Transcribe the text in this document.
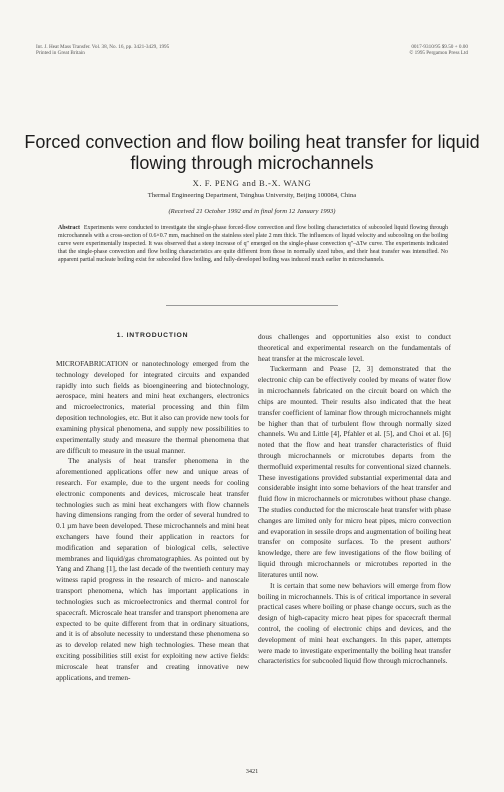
Int. J. Heat Mass Transfer. Vol. 38, No. 16, pp. 3421-3429, 1995
Printed in Great Britain
0017-9310/95 $9.50 + 0.00
© 1995 Pergamon Press Ltd
Forced convection and flow boiling heat transfer for liquid flowing through microchannels
X. F. PENG and B.-X. WANG
Thermal Engineering Department, Tsinghua University, Beijing 100084, China
(Received 21 October 1992 and in final form 12 January 1993)

Abstract Experiments were conducted to investigate the single-phase forced-flow convection and flow boiling characteristics of subcooled liquid flowing through microchannels with a cross-section of 0.6×0.7 mm, machined on the stainless steel plate 2 mm thick. The influences of liquid velocity and subcooling on the boiling curve were experimentally inspected. It was observed that a steep increase of q″ emerged on the single-phase convection q″–ΔTw curve. The experiments indicated that the single-phase convection and flow boiling characteristics are quite different from those in normally sized tubes, and their heat transfer was intensified. No apparent partial nucleate boiling exist for subcooled flow boiling, and fully-developed boiling was induced much earlier in microchannels.

1. INTRODUCTION

MICROFABRICATION or nanotechnology emerged from the technology developed for integrated circuits and expanded rapidly into such fields as bioengineering and biotechnology, aerospace, mini heaters and mini heat exchangers, electronics and microelectronics, material processing and thin film deposition technologies, etc. But it also can provide new tools for examining physical phenomena, and supply new possibilities to experimentally study and measure the thermal phenomena that are difficult to measure in the usual manner.

The analysis of heat transfer phenomena in the aforementioned applications offer new and unique areas of research. For example, due to the urgent needs for cooling electronic components and devices, microscale heat transfer technologies such as mini heat exchangers with flow channels having dimensions ranging from the order of several hundred to 0.1 µm have been developed. These microchannels and mini heat exchangers have found their application in reactors for modification and separation of biological cells, selective membranes and liquid/gas chromatographies. As pointed out by Yang and Zhang [1], the last decade of the twentieth century may witness rapid progress in the research of micro- and nanoscale transport phenomena, which has important applications in technologies such as microelectronics and thermal control for spacecraft. Microscale heat transfer and transport phenomena are expected to be quite different from that in ordinary situations, and it is of absolute necessity to understand these phenomena so as to develop related new high technologies. These mean that exciting possibilities still exist for exploiting new active fields: microscale heat transfer and creating innovative new applications, and tremen-

dous challenges and opportunities also exist to conduct theoretical and experimental research on the fundamentals of heat transfer at the microscale level.

Tuckermann and Pease [2, 3] demonstrated that the electronic chip can be effectively cooled by means of water flow in microchannels fabricated on the circuit board on which the chips are mounted. Their results also indicated that the heat transfer coefficient of laminar flow through microchannels might be higher than that of turbulent flow through normally sized channels. Wu and Little [4], Pfahler et al. [5], and Choi et al. [6] noted that the flow and heat transfer characteristics of fluid through microchannels or microtubes departs from the thermofluid experimental results for conventional sized channels. These investigations provided substantial experimental data and considerable insight into some behaviors of the heat transfer and fluid flow in microchannels or microtubes without phase change. The studies conducted for the microscale heat transfer with phase changes are limited only for micro heat pipes, micro convection and evaporation in sessile drops and augmentation of boiling heat transfer on composite surfaces. To the present authors' knowledge, there are few investigations of the flow boiling of liquid through microchannels or microtubes reported in the literatures until now.

It is certain that some new behaviors will emerge from flow boiling in microchannels. This is of critical importance in several practical cases where boiling or phase change occurs, such as the design of high-capacity micro heat pipes for spacecraft thermal control, the cooling of electronic chips and devices, and the development of mini heat exchangers. In this paper, attempts were made to investigate experimentally the boiling heat transfer characteristics for subcooled liquid flow through microchannels.

3421
